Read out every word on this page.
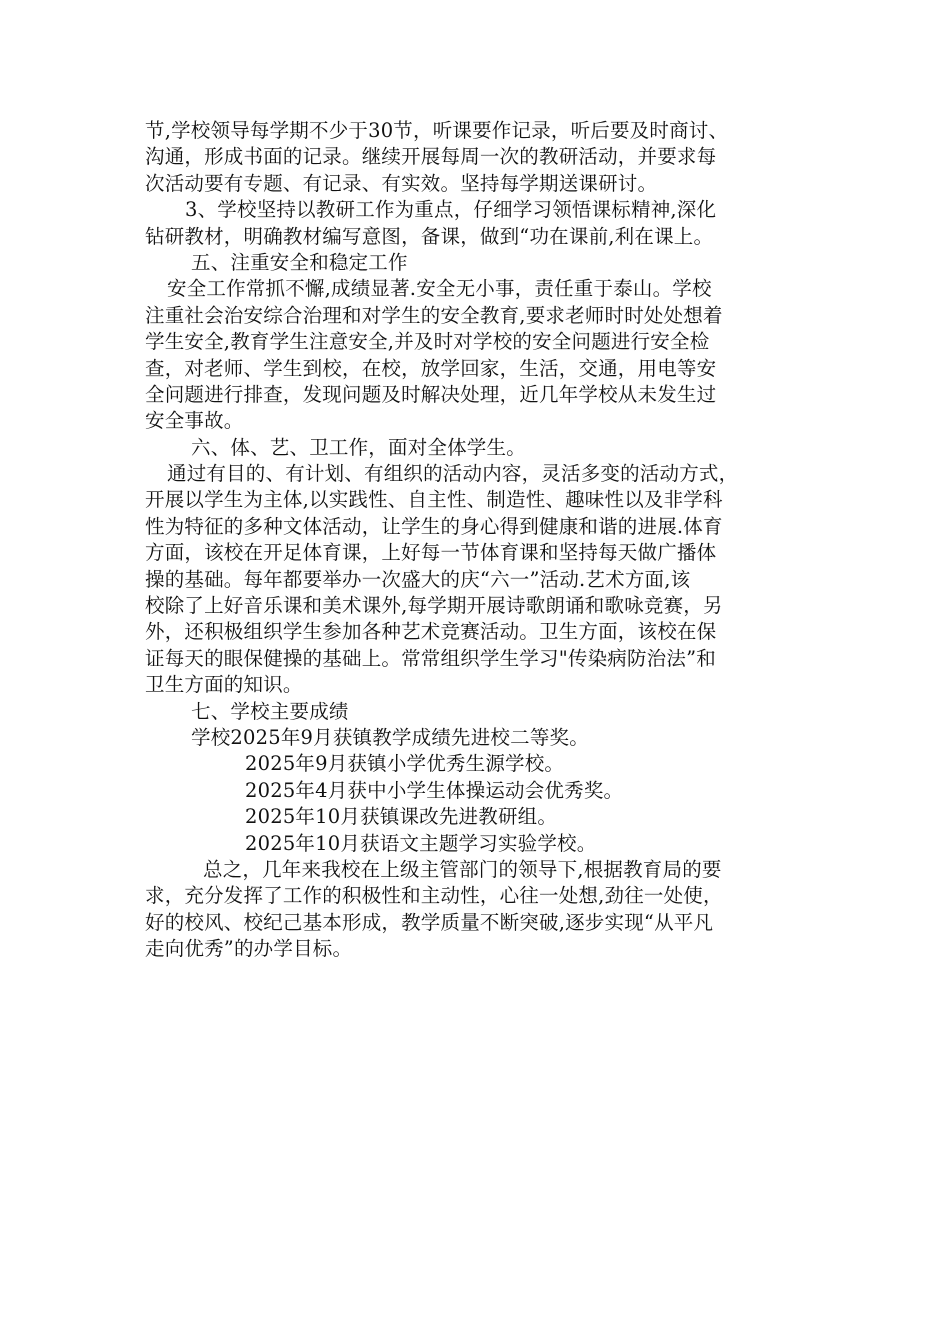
节,学校领导每学期不少于30节，听课要作记录，听后要及时商讨、
沟通，形成书面的记录。继续开展每周一次的教研活动，并要求每
次活动要有专题、有记录、有实效。坚持每学期送课研讨。
3、学校坚持以教研工作为重点，仔细学习领悟课标精神,深化
钻研教材，明确教材编写意图，备课，做到“功在课前,利在课上。
五、注重安全和稳定工作
安全工作常抓不懈,成绩显著.安全无小事，责任重于泰山。学校
注重社会治安综合治理和对学生的安全教育,要求老师时时处处想着
学生安全,教育学生注意安全,并及时对学校的安全问题进行安全检
查，对老师、学生到校，在校，放学回家，生活，交通，用电等安
全问题进行排查，发现问题及时解决处理，近几年学校从未发生过
安全事故。
六、体、艺、卫工作，面对全体学生。
通过有目的、有计划、有组织的活动内容，灵活多变的活动方式，
开展以学生为主体,以实践性、自主性、制造性、趣味性以及非学科
性为特征的多种文体活动，让学生的身心得到健康和谐的进展.体育
方面，该校在开足体育课，上好每一节体育课和坚持每天做广播体
操的基础。每年都要举办一次盛大的庆“六一”活动.艺术方面,该
校除了上好音乐课和美术课外,每学期开展诗歌朗诵和歌咏竞赛，另
外，还积极组织学生参加各种艺术竞赛活动。卫生方面，该校在保
证每天的眼保健操的基础上。常常组织学生学习"传染病防治法”和
卫生方面的知识。
七、学校主要成绩
学校2025年9月获镇教学成绩先进校二等奖。
2025年9月获镇小学优秀生源学校。
2025年4月获中小学生体操运动会优秀奖。
2025年10月获镇课改先进教研组。
2025年10月获语文主题学习实验学校。
总之，几年来我校在上级主管部门的领导下,根据教育局的要
求，充分发挥了工作的积极性和主动性，心往一处想,劲往一处使，
好的校风、校纪己基本形成，教学质量不断突破,逐步实现“从平凡
走向优秀”的办学目标。
